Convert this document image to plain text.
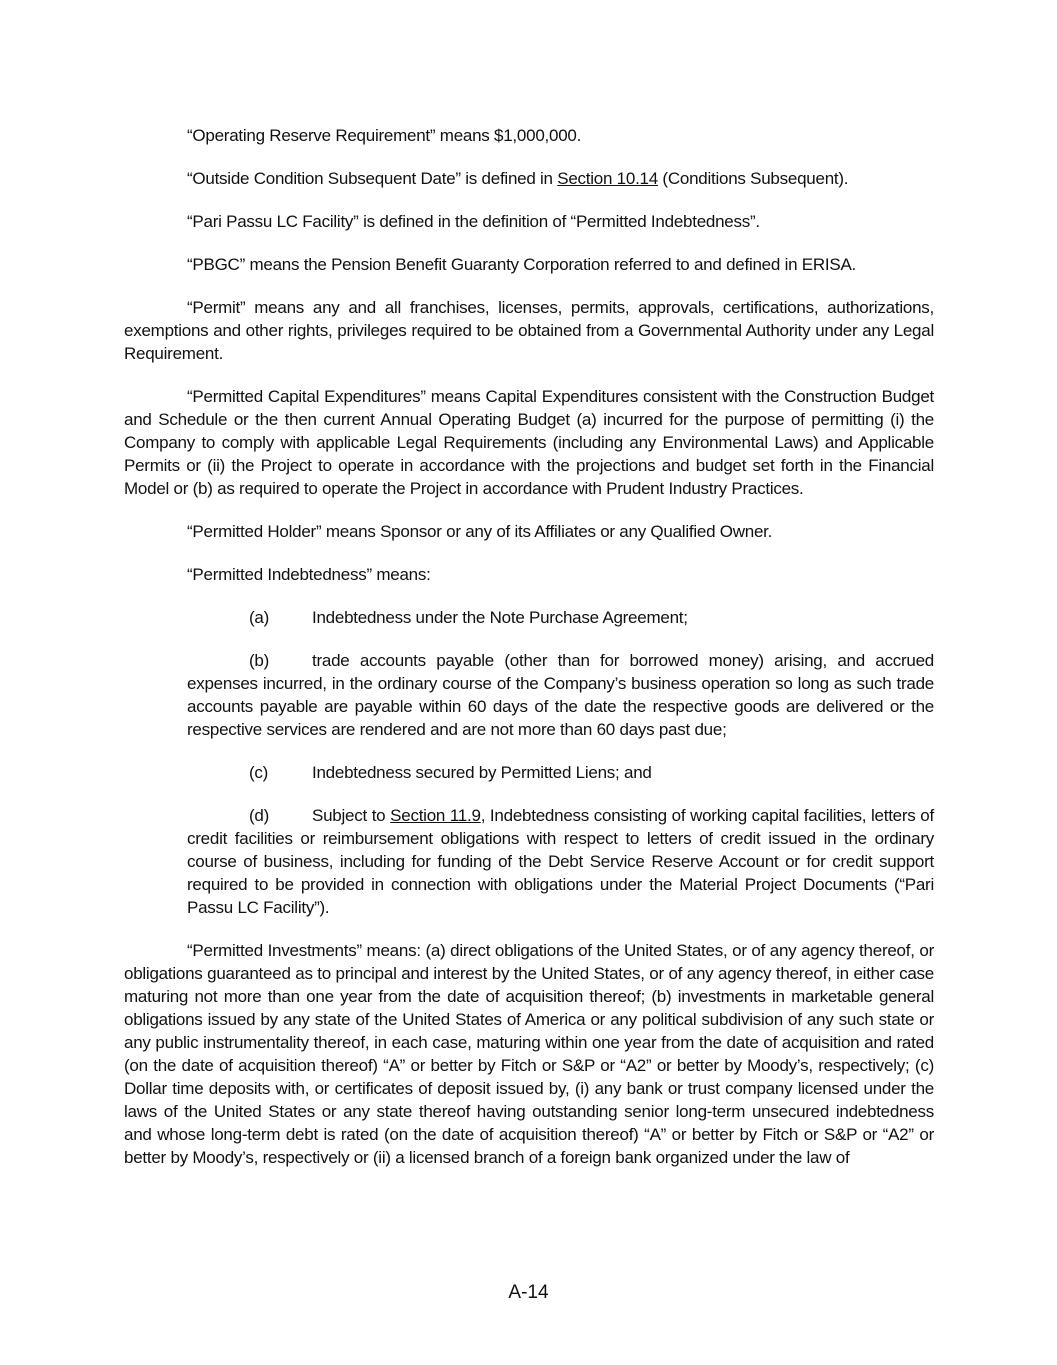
“Operating Reserve Requirement” means $1,000,000.

“Outside Condition Subsequent Date” is defined in Section 10.14 (Conditions Subsequent).

“Pari Passu LC Facility” is defined in the definition of “Permitted Indebtedness”.

“PBGC” means the Pension Benefit Guaranty Corporation referred to and defined in ERISA.

“Permit” means any and all franchises, licenses, permits, approvals, certifications, authorizations, exemptions and other rights, privileges required to be obtained from a Governmental Authority under any Legal Requirement.

“Permitted Capital Expenditures” means Capital Expenditures consistent with the Construction Budget and Schedule or the then current Annual Operating Budget (a) incurred for the purpose of permitting (i) the Company to comply with applicable Legal Requirements (including any Environmental Laws) and Applicable Permits or (ii) the Project to operate in accordance with the projections and budget set forth in the Financial Model or (b) as required to operate the Project in accordance with Prudent Industry Practices.

“Permitted Holder” means Sponsor or any of its Affiliates or any Qualified Owner.

“Permitted Indebtedness” means:

(a)	Indebtedness under the Note Purchase Agreement;

(b)	trade accounts payable (other than for borrowed money) arising, and accrued expenses incurred, in the ordinary course of the Company’s business operation so long as such trade accounts payable are payable within 60 days of the date the respective goods are delivered or the respective services are rendered and are not more than 60 days past due;

(c)	Indebtedness secured by Permitted Liens; and

(d)	Subject to Section 11.9, Indebtedness consisting of working capital facilities, letters of credit facilities or reimbursement obligations with respect to letters of credit issued in the ordinary course of business, including for funding of the Debt Service Reserve Account or for credit support required to be provided in connection with obligations under the Material Project Documents (“Pari Passu LC Facility”).

“Permitted Investments” means: (a) direct obligations of the United States, or of any agency thereof, or obligations guaranteed as to principal and interest by the United States, or of any agency thereof, in either case maturing not more than one year from the date of acquisition thereof; (b) investments in marketable general obligations issued by any state of the United States of America or any political subdivision of any such state or any public instrumentality thereof, in each case, maturing within one year from the date of acquisition and rated (on the date of acquisition thereof) “A” or better by Fitch or S&P or “A2” or better by Moody’s, respectively; (c) Dollar time deposits with, or certificates of deposit issued by, (i) any bank or trust company licensed under the laws of the United States or any state thereof having outstanding senior long-term unsecured indebtedness and whose long-term debt is rated (on the date of acquisition thereof) “A” or better by Fitch or S&P or “A2” or better by Moody’s, respectively or (ii) a licensed branch of a foreign bank organized under the law of

A-14
